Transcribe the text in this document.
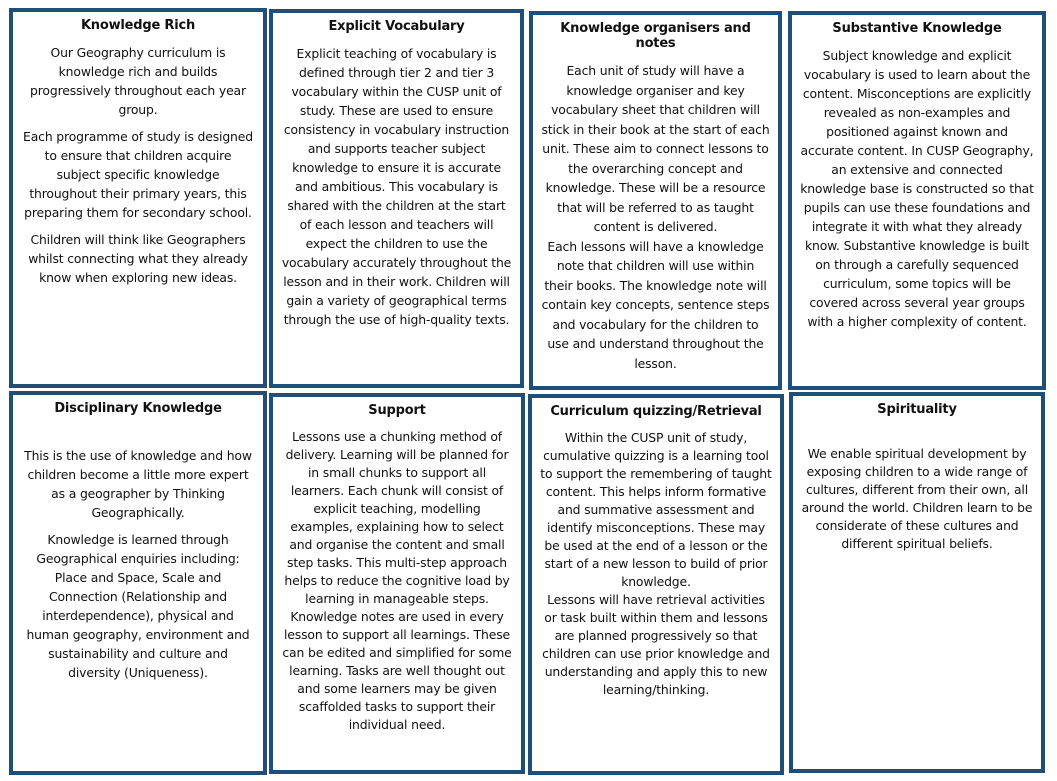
Knowledge Rich

Our Geography curriculum is knowledge rich and builds progressively throughout each year group.

Each programme of study is designed to ensure that children acquire subject specific knowledge throughout their primary years, this preparing them for secondary school.

Children will think like Geographers whilst connecting what they already know when exploring new ideas.

Explicit Vocabulary

Explicit teaching of vocabulary is defined through tier 2 and tier 3 vocabulary within the CUSP unit of study. These are used to ensure consistency in vocabulary instruction and supports teacher subject knowledge to ensure it is accurate and ambitious. This vocabulary is shared with the children at the start of each lesson and teachers will expect the children to use the vocabulary accurately throughout the lesson and in their work. Children will gain a variety of geographical terms through the use of high-quality texts.

Knowledge organisers and notes

Each unit of study will have a knowledge organiser and key vocabulary sheet that children will stick in their book at the start of each unit. These aim to connect lessons to the overarching concept and knowledge. These will be a resource that will be referred to as taught content is delivered.

Each lessons will have a knowledge note that children will use within their books. The knowledge note will contain key concepts, sentence steps and vocabulary for the children to use and understand throughout the lesson.

Substantive Knowledge

Subject knowledge and explicit vocabulary is used to learn about the content. Misconceptions are explicitly revealed as non-examples and positioned against known and accurate content. In CUSP Geography, an extensive and connected knowledge base is constructed so that pupils can use these foundations and integrate it with what they already know. Substantive knowledge is built on through a carefully sequenced curriculum, some topics will be covered across several year groups with a higher complexity of content.

Disciplinary Knowledge

This is the use of knowledge and how children become a little more expert as a geographer by Thinking Geographically.

Knowledge is learned through Geographical enquiries including: Place and Space, Scale and Connection (Relationship and interdependence), physical and human geography, environment and sustainability and culture and diversity (Uniqueness).

Support

Lessons use a chunking method of delivery. Learning will be planned for in small chunks to support all learners. Each chunk will consist of explicit teaching, modelling examples, explaining how to select and organise the content and small step tasks. This multi-step approach helps to reduce the cognitive load by learning in manageable steps. Knowledge notes are used in every lesson to support all learnings. These can be edited and simplified for some learning. Tasks are well thought out and some learners may be given scaffolded tasks to support their individual need.

Curriculum quizzing/Retrieval

Within the CUSP unit of study, cumulative quizzing is a learning tool to support the remembering of taught content. This helps inform formative and summative assessment and identify misconceptions. These may be used at the end of a lesson or the start of a new lesson to build of prior knowledge.

Lessons will have retrieval activities or task built within them and lessons are planned progressively so that children can use prior knowledge and understanding and apply this to new learning/thinking.

Spirituality

We enable spiritual development by exposing children to a wide range of cultures, different from their own, all around the world. Children learn to be considerate of these cultures and different spiritual beliefs.
